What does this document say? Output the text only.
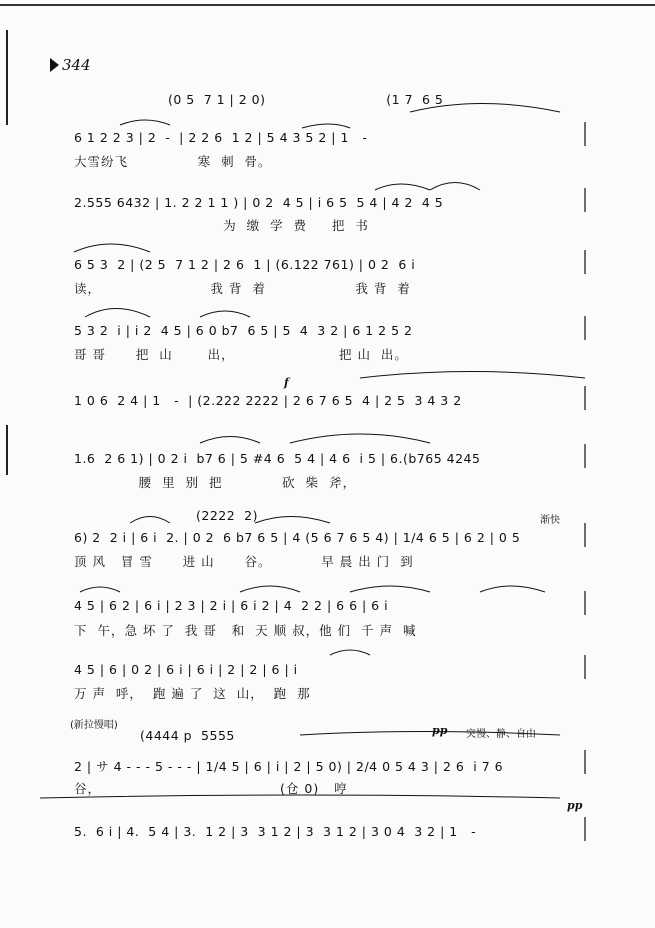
344
(0 5  7 1 | 2 0)                           (1 7  6 5
6 1 2 2 3 | 2  -  | 2 2 6  1 2 | 5 4 3 5 2 | 1   -
大雪纷飞              寒  刺  骨。
2.555 6432 | 1. 2 2 1 1 ) | 0 2  4 5 | i 6 5  5 4 | 4 2  4 5
为  缴  学  费     把  书
6 5 3  2 | (2 5  7 1 2 | 2 6  1 | (6.122 761) | 0 2  6 i
读，                      我 背  着                  我 背  着
5 3 2  i | i 2  4 5 | 6 0 b7  6 5 | 5  4  3 2 | 6 1 2 5 2
哥 哥      把  山       出，                     把 山  出。
f
1 0 6  2 4 | 1   -  | (2.222 2222 | 2 6 7 6 5  4 | 2 5  3 4 3 2
1.6  2 6 1) | 0 2 i  b7 6 | 5 #4 6  5 4 | 4 6  i 5 | 6.(b765 4245
腰  里  别  把            砍  柴  斧，
渐快
(2222  2)
6) 2  2 i | 6 i  2. | 0 2  6 b7 6 5 | 4 (5 6 7 6 5 4) | 1/4 6 5 | 6 2 | 0 5
顶 风   冒 雪      进 山      谷。          早 晨 出 门  到
4 5 | 6 2 | 6 i | 2 3 | 2 i | 6 i 2 | 4  2 2 | 6 6 | 6 i
下  午，急 坏 了  我 哥   和  天 顺 叔，他 们  千 声  喊
4 5 | 6 | 0 2 | 6 i | 6 i | 2 | 2 | 6 | i
万 声  呼，  跑 遍 了  这  山，  跑  那
(新拉慢唱)
(4444 p  5555	pp 突慢、静、自由
2 | サ 4 - - - 5 - - - | 1/4 5 | 6 | i | 2 | 5 0) | 2/4 0 5 4 3 | 2 6  i 7 6
谷，                                    (仓 0)   哼
pp
5.  6 i | 4.  5 4 | 3.  1 2 | 3  3 1 2 | 3  3 1 2 | 3 0 4  3 2 | 1   -
